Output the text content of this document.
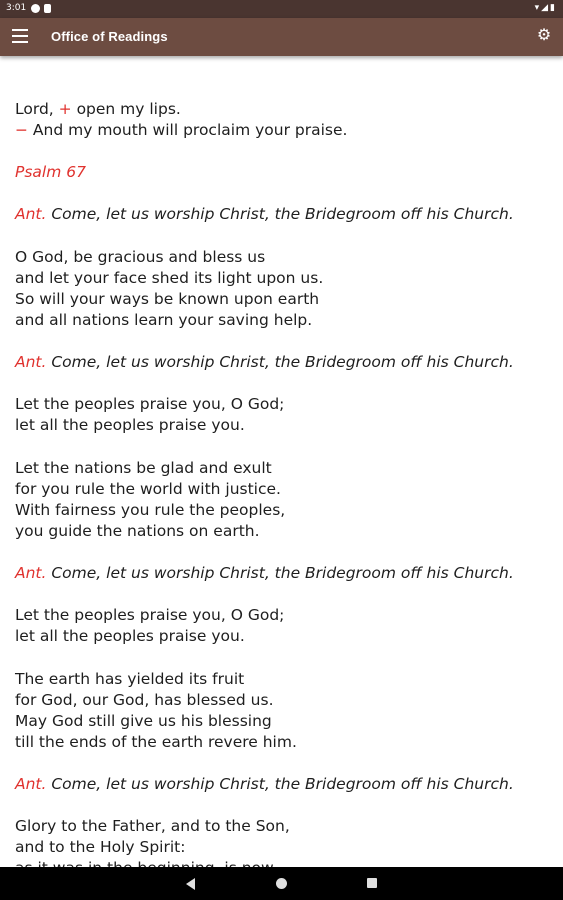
3:01	▾◢▮
Office of Readings	⚙
Lord, + open my lips.
− And my mouth will proclaim your praise.
Psalm 67
Ant. Come, let us worship Christ, the Bridegroom off his Church.
O God, be gracious and bless us
and let your face shed its light upon us.
So will your ways be known upon earth
and all nations learn your saving help.
Ant. Come, let us worship Christ, the Bridegroom off his Church.
Let the peoples praise you, O God;
let all the peoples praise you.
Let the nations be glad and exult
for you rule the world with justice.
With fairness you rule the peoples,
you guide the nations on earth.
Ant. Come, let us worship Christ, the Bridegroom off his Church.
Let the peoples praise you, O God;
let all the peoples praise you.
The earth has yielded its fruit
for God, our God, has blessed us.
May God still give us his blessing
till the ends of the earth revere him.
Ant. Come, let us worship Christ, the Bridegroom off his Church.
Glory to the Father, and to the Son,
and to the Holy Spirit:
